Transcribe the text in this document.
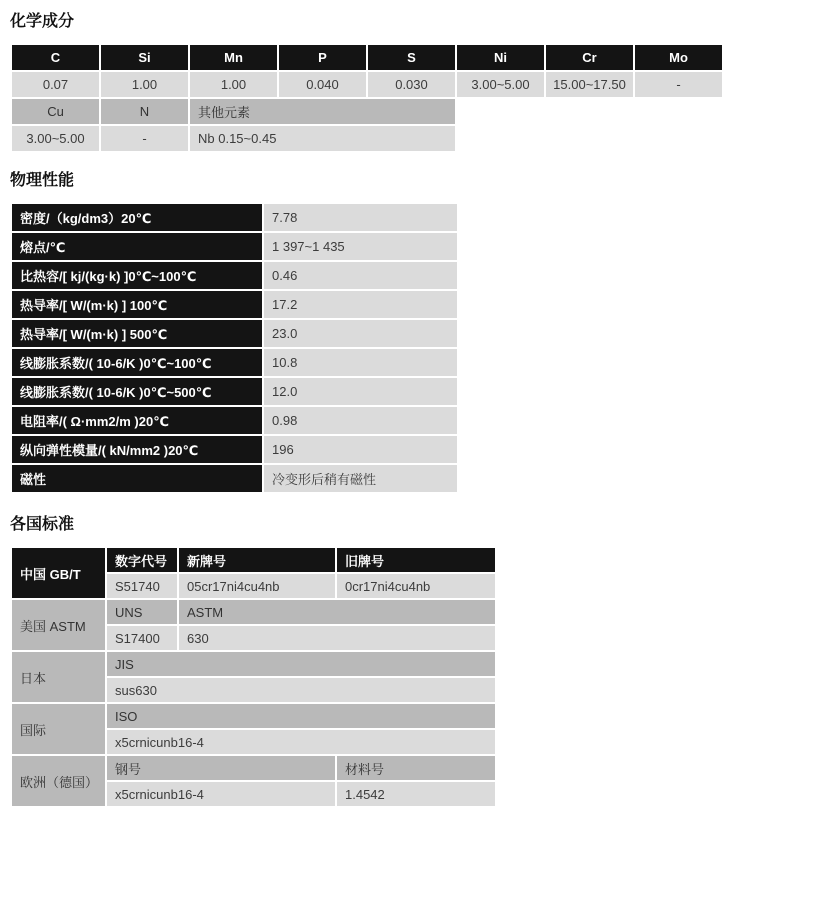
化学成分
C	Si	Mn	P	S	Ni	Cr	Mo
0.07	1.00	1.00	0.040	0.030	3.00~5.00	15.00~17.50	-
Cu	N	其他元素					
3.00~5.00	-	Nb 0.15~0.45					
物理性能
密度/（kg/dm3）20℃	7.78
熔点/℃	1 397~1 435
比热容/[ kj/(kg·k) ]0℃~100℃	0.46
热导率/[ W/(m·k) ] 100℃	17.2
热导率/[ W/(m·k) ] 500℃	23.0
线膨胀系数/( 10-6/K )0℃~100℃	10.8
线膨胀系数/( 10-6/K )0℃~500℃	12.0
电阻率/( Ω·mm2/m )20℃	0.98
纵向弹性模量/( kN/mm2 )20℃	196
磁性	冷变形后稍有磁性
各国标准
中国 GB/T	数字代号	新牌号	旧牌号
	S51740	05cr17ni4cu4nb	0cr17ni4cu4nb
美国 ASTM	UNS	ASTM	
	S17400	630	
日本	JIS		
	sus630		
国际	ISO		
	x5crnicunb16-4		
欧洲（德国）	钢号		材料号
	x5crnicunb16-4		1.4542
